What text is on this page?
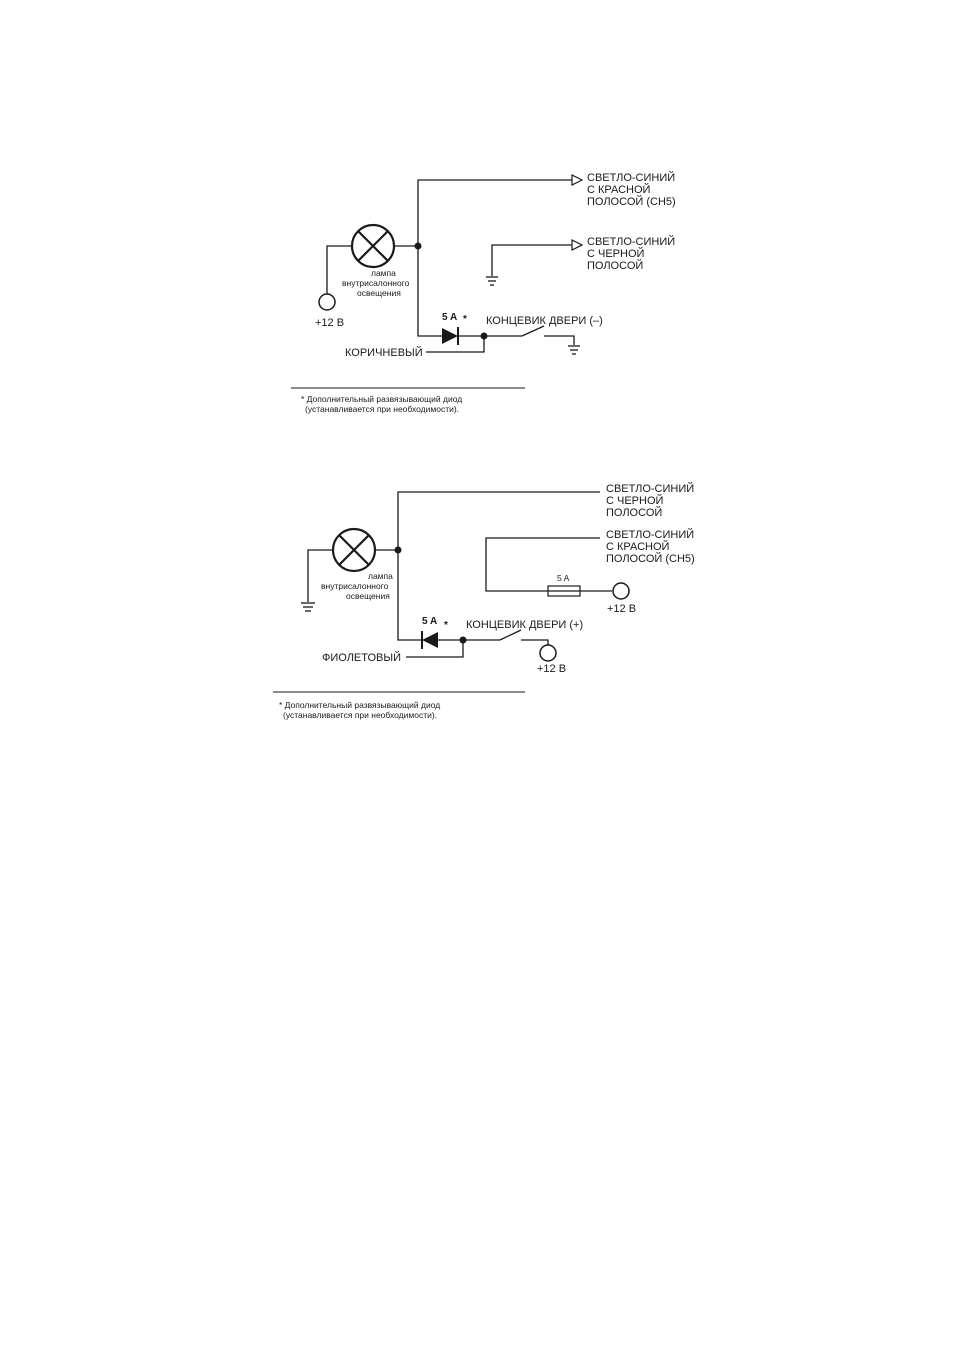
СВЕТЛО-СИНИЙ
С КРАСНОЙ
ПОЛОСОЙ (CH5)
СВЕТЛО-СИНИЙ
С ЧЕРНОЙ
ПОЛОСОЙ
+12 В
лампа
внутрисалонного
освещения
5 A * КОНЦЕВИК ДВЕРИ (–)
КОРИЧНЕВЫЙ
* Дополнительный развязывающий диод
(устанавливается при необходимости).
СВЕТЛО-СИНИЙ
С ЧЕРНОЙ
ПОЛОСОЙ
5 A
+12 В
СВЕТЛО-СИНИЙ
С КРАСНОЙ
ПОЛОСОЙ (CH5)
лампа
внутрисалонного
освещения
5 A * КОНЦЕВИК ДВЕРИ (+)
+12 В
ФИОЛЕТОВЫЙ
* Дополнительный развязывающий диод
(устанавливается при необходимости).
